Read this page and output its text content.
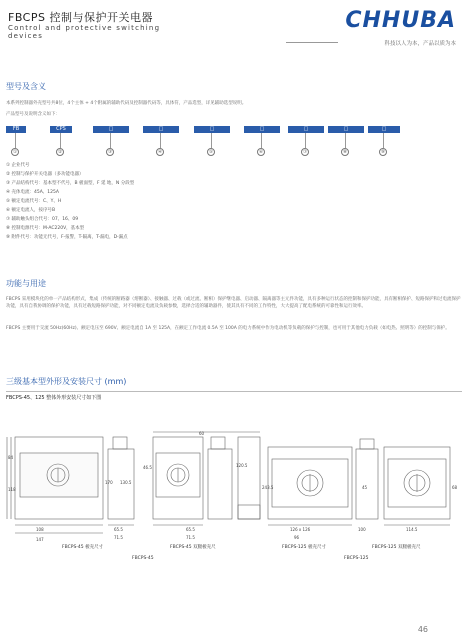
FBCPS 控制与保护开关电器
Control and protective switching devices
CHHUBA
科技以人为本，产品以质为本
型号及含义
本系列控制器外壳型号共8位，4个主体 + 4个附属的辅助代码及控制器代码等，具体符，产品选型，详见辅助选型说明。
产品型号及说明含义如下：
FB	CPS	□	□	□	□	□	□	□
①	②	③	④	⑤	⑥	⑦	⑧	⑨
① 企业代号
② 控制与保护开关电器（多功能电器）
③ 产品结构代号：基本型不代号，B 板面型，F 延 地，N 分段型
④ 壳体电流：45A、125A
⑤ 额定电流代号：C、Y、H
⑥ 额定电流人，按序号B
⑦ 辅助触头组合代号：07、16、09
⑧ 控制电源代号：M-AC220V，基本型
⑨ 附件代号：功能无代号，F-报警，T-隔离，T-漏电，D-漏点
功能与用途
FBCPS 采用模块化的单一产品结构形式，集成（传统的断路器（熔断器）、接触器、过载（或过流、断相）保护继电器、启动器、隔离器等主元件功能，具有多种运行状态的控制和保护功能，具有断相保护、短路保护和过电流保护功能，具有自我协调的保护功能，具有过载短路保护功能，对不同额定电流及负载参数，选择合适的辅助器件，使其具有不同的工作特性，大大提高了配电系统的可靠性和运行效率。
FBCPS 主要用于交流 50Hz(60Hz)、额定电压至 690V、额定电流自 1A 至 125A，在额定工作电流 0.5A 至 100A 的电力系统中作为电动机等负载的保护与控制，也可用于其他电力负载（如电热、照明等）的控制与保护。
三级基本型外形及安装尺寸 (mm)
FBCPS-45、125 整体外形安装尺寸如下图
60
84
118
170 130.5
108
147
65.5
71.5
65.5
71.5
120.5
243.5
126 x 126
96
100	114.5
45	68
46.5
FBCPS-45 板壳尺寸	FBCPS-45 双腿板壳尺
FBCPS-45
FBCPS-125 板壳尺寸	FBCPS-125 双腿板壳尺
FBCPS-125
46
